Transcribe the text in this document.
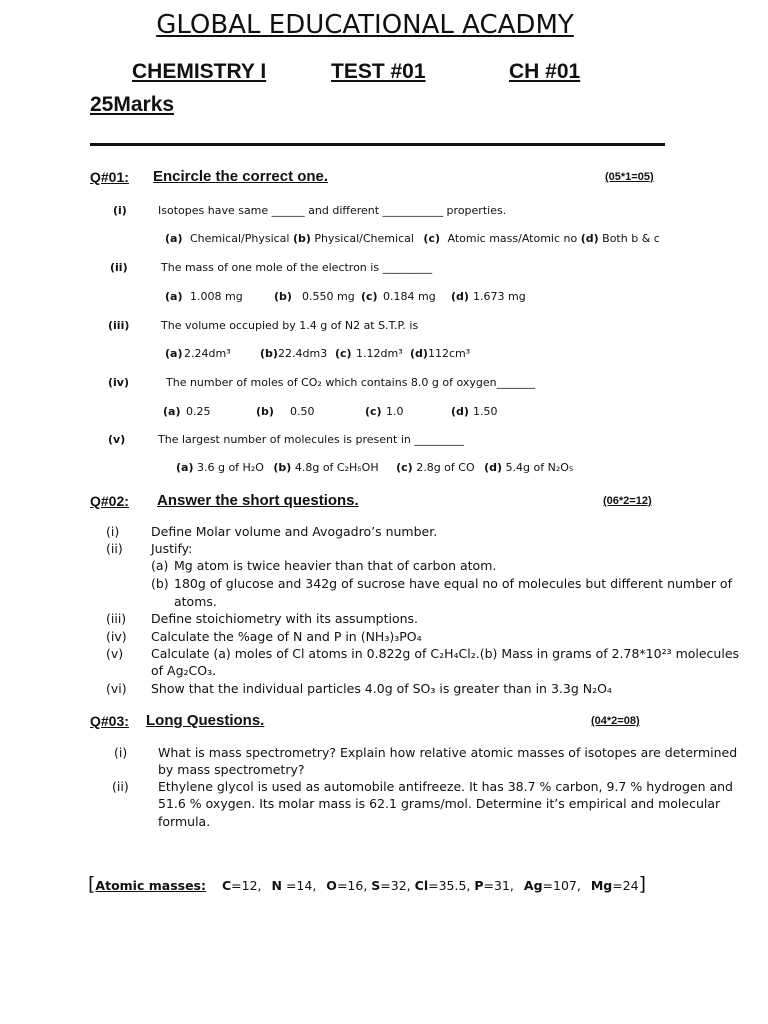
GLOBAL EDUCATIONAL ACADMY
CHEMISTRY I	TEST #01	CH #01
25Marks
Q#01: Encircle the correct one.	(05*1=05)
(i)	Isotopes have same ______ and different ___________ properties.
(a) Chemical/Physical (b) Physical/Chemical (c) Atomic mass/Atomic no (d) Both b & c
(ii)	The mass of one mole of the electron is _________
(a) 1.008 mg	(b) 0.550 mg (c) 0.184 mg (d) 1.673 mg
(iii)	The volume occupied by 1.4 g of N2 at S.T.P. is
(a) 2.24dm³	(b) 22.4dm3 (c) 1.12dm³ (d) 112cm³
(iv)	The number of moles of CO₂ which contains 8.0 g of oxygen_______
(a) 0.25	(b) 0.50	(c) 1.0	(d) 1.50
(v)	The largest number of molecules is present in _________
(a) 3.6 g of H₂O (b) 4.8g of C₂H₅OH (c) 2.8g of CO (d) 5.4g of N₂O₅
Q#02: Answer the short questions.	(06*2=12)
(i)	Define Molar volume and Avogadro’s number.
(ii) Justify:
(a) Mg atom is twice heavier than that of carbon atom.
(b) 180g of glucose and 342g of sucrose have equal no of molecules but different number of
atoms.
(iii) Define stoichiometry with its assumptions.
(iv) Calculate the %age of N and P in (NH₃)₃PO₄
(v) Calculate (a) moles of Cl atoms in 0.822g of C₂H₄Cl₂.(b) Mass in grams of 2.78*10²³ molecules
of Ag₂CO₃.
(vi) Show that the individual particles 4.0g of SO₃ is greater than in 3.3g N₂O₄
Q#03: Long Questions.	(04*2=08)
(i) What is mass spectrometry? Explain how relative atomic masses of isotopes are determined
by mass spectrometry?
(ii) Ethylene glycol is used as automobile antifreeze. It has 38.7 % carbon, 9.7 % hydrogen and
51.6 % oxygen. Its molar mass is 62.1 grams/mol. Determine it’s empirical and molecular
formula.
[Atomic masses: C=12, N =14, O=16, S=32, Cl=35.5, P=31, Ag=107, Mg=24]
